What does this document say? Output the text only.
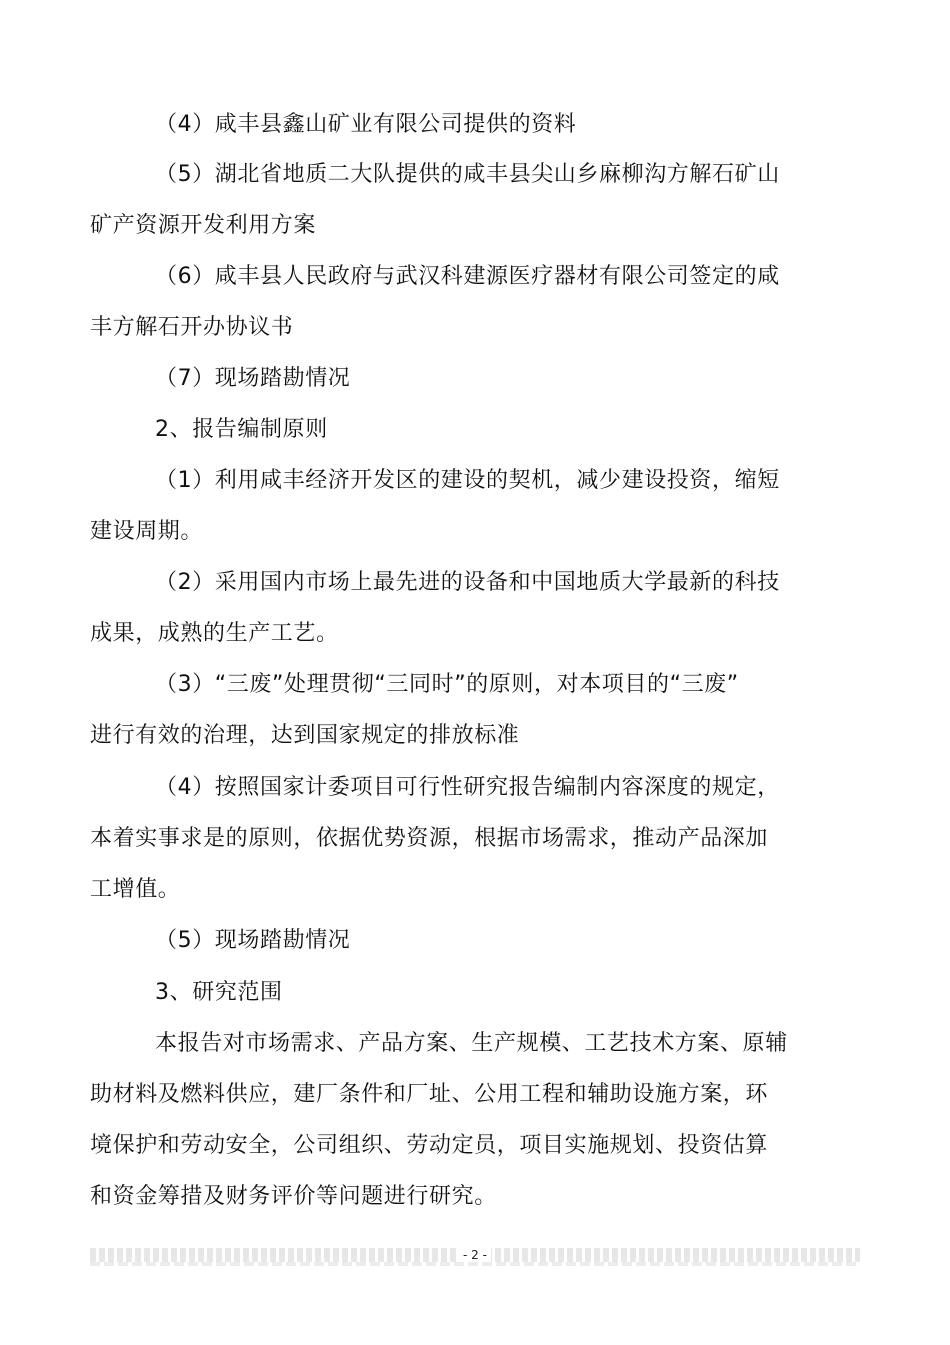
（4）咸丰县鑫山矿业有限公司提供的资料
（5）湖北省地质二大队提供的咸丰县尖山乡麻柳沟方解石矿山
矿产资源开发利用方案
（6）咸丰县人民政府与武汉科建源医疗器材有限公司签定的咸
丰方解石开办协议书
（7）现场踏勘情况
2、报告编制原则
（1）利用咸丰经济开发区的建设的契机，减少建设投资，缩短
建设周期。
（2）采用国内市场上最先进的设备和中国地质大学最新的科技
成果，成熟的生产工艺。
（3）“三废”处理贯彻“三同时”的原则，对本项目的“三废”
进行有效的治理，达到国家规定的排放标准
（4）按照国家计委项目可行性研究报告编制内容深度的规定，
本着实事求是的原则，依据优势资源，根据市场需求，推动产品深加
工增值。
（5）现场踏勘情况
3、研究范围
本报告对市场需求、产品方案、生产规模、工艺技术方案、原辅
助材料及燃料供应，建厂条件和厂址、公用工程和辅助设施方案，环
境保护和劳动安全，公司组织、劳动定员，项目实施规划、投资估算
和资金筹措及财务评价等问题进行研究。
- 2 -
